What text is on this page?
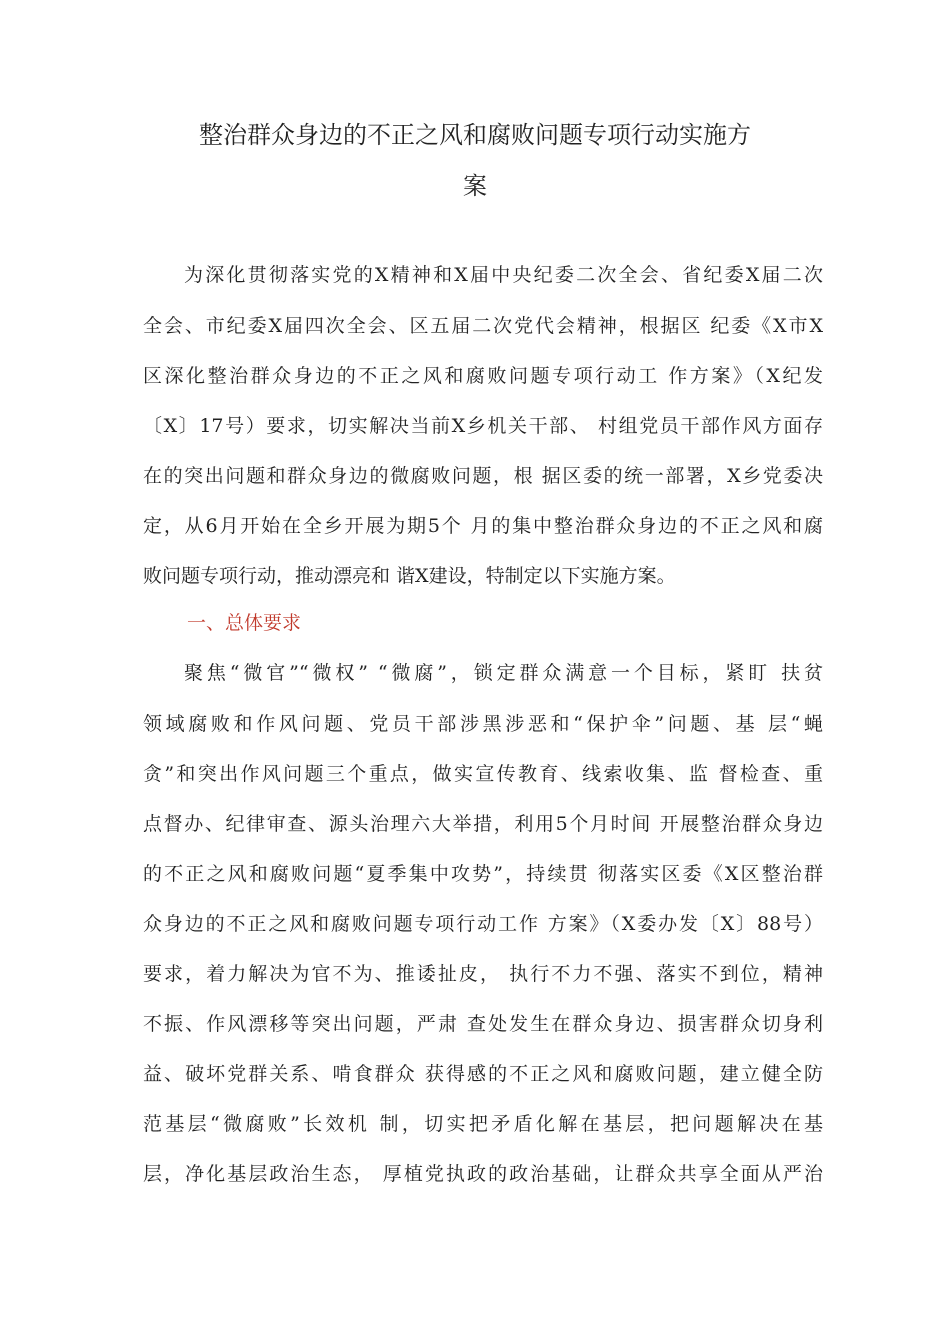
整治群众身边的不正之风和腐败问题专项行动实施方
案
为深化贯彻落实党的X精神和X届中央纪委二次全会、省纪委X届二次
全会、市纪委X届四次全会、区五届二次党代会精神，根据区 纪委《X市X
区深化整治群众身边的不正之风和腐败问题专项行动工 作方案》（X纪发
〔X〕17号）要求，切实解决当前X乡机关干部、 村组党员干部作风方面存
在的突出问题和群众身边的微腐败问题，根 据区委的统一部署，X乡党委决
定，从6月开始在全乡开展为期5个 月的集中整治群众身边的不正之风和腐
败问题专项行动，推动漂亮和 谐X建设，特制定以下实施方案。
一、总体要求
聚焦“微官”“微权” “微腐”，锁定群众满意一个目标，紧盯 扶贫
领域腐败和作风问题、党员干部涉黑涉恶和“保护伞”问题、基 层“蝇
贪”和突出作风问题三个重点，做实宣传教育、线索收集、监 督检查、重
点督办、纪律审查、源头治理六大举措，利用5个月时间 开展整治群众身边
的不正之风和腐败问题“夏季集中攻势”，持续贯 彻落实区委《X区整治群
众身边的不正之风和腐败问题专项行动工作 方案》（X委办发〔X〕88号）
要求，着力解决为官不为、推诿扯皮， 执行不力不强、落实不到位，精神
不振、作风漂移等突出问题，严肃 查处发生在群众身边、损害群众切身利
益、破坏党群关系、啃食群众 获得感的不正之风和腐败问题，建立健全防
范基层“微腐败”长效机 制，切实把矛盾化解在基层，把问题解决在基
层，净化基层政治生态， 厚植党执政的政治基础，让群众共享全面从严治
